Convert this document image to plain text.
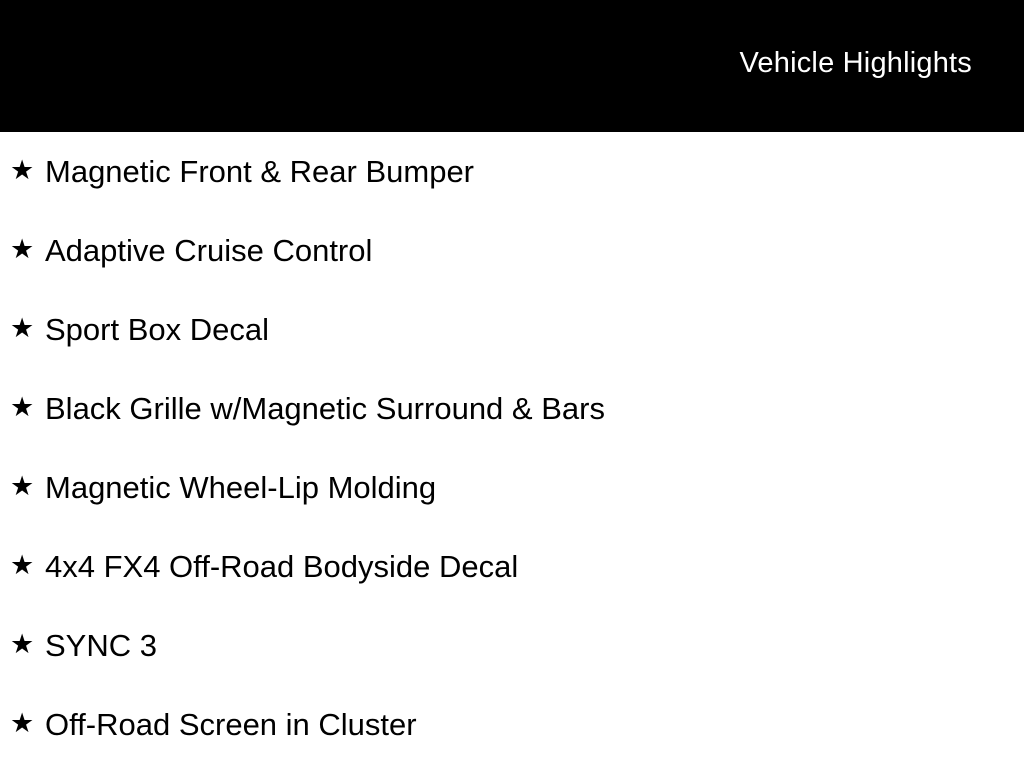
Vehicle Highlights
★ Magnetic Front & Rear Bumper
★ Adaptive Cruise Control
★ Sport Box Decal
★ Black Grille w/Magnetic Surround & Bars
★ Magnetic Wheel-Lip Molding
★ 4x4 FX4 Off-Road Bodyside Decal
★ SYNC 3
★ Off-Road Screen in Cluster
